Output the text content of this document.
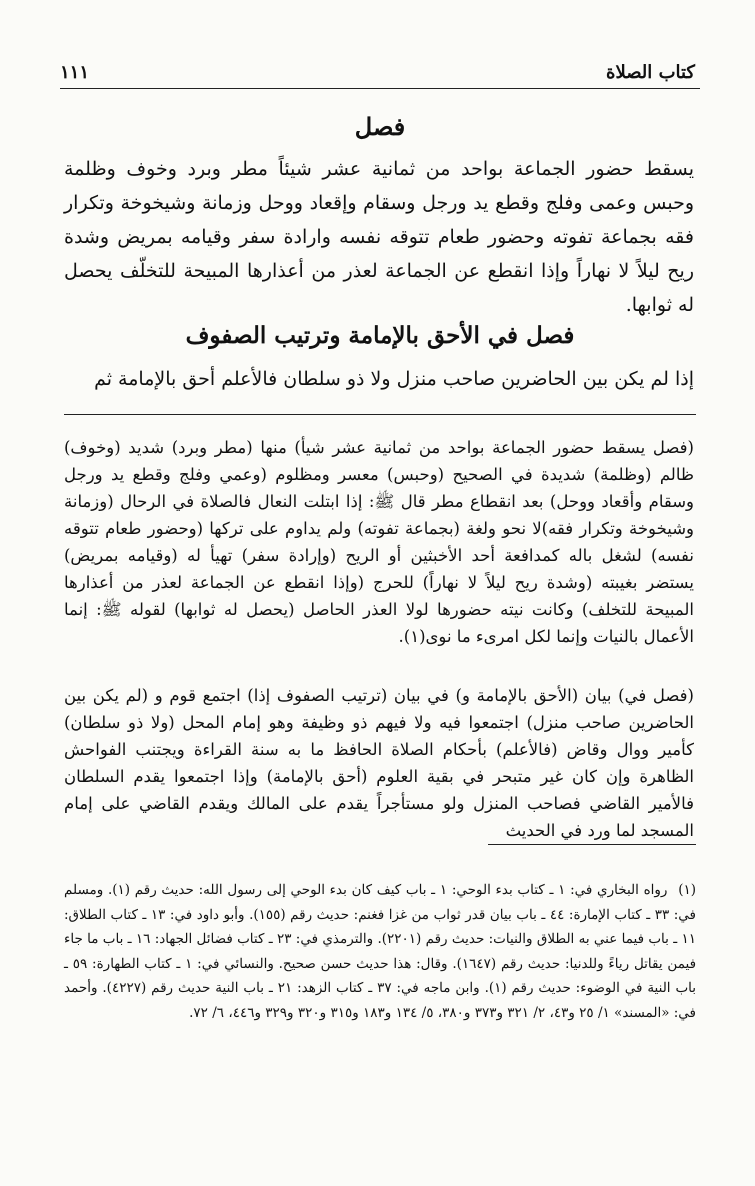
كتاب الصلاة
١١١
فصل
يسقط حضور الجماعة بواحد من ثمانية عشر شيئاً مطر وبرد وخوف وظلمة وحبس وعمى وفلج وقطع يد ورجل وسقام وإقعاد ووحل وزمانة وشيخوخة وتكرار فقه بجماعة تفوته وحضور طعام تتوقه نفسه وارادة سفر وقيامه بمريض وشدة ريح ليلاً لا نهاراً وإذا انقطع عن الجماعة لعذر من أعذارها المبيحة للتخلّف يحصل له ثوابها.
فصل في الأحق بالإمامة وترتيب الصفوف
إذا لم يكن بين الحاضرين صاحب منزل ولا ذو سلطان فالأعلم أحق بالإمامة ثم
(فصل يسقط حضور الجماعة بواحد من ثمانية عشر شيأ) منها (مطر وبرد) شديد (وخوف) ظالم (وظلمة) شديدة في الصحيح (وحبس) معسر ومظلوم (وعمي وفلج وقطع يد ورجل وسقام وأقعاد ووحل) بعد انقطاع مطر قال ﷺ: إذا ابتلت النعال فالصلاة في الرحال (وزمانة وشيخوخة وتكرار فقه)لا نحو ولغة (بجماعة تفوته) ولم يداوم على تركها (وحضور طعام تتوقه نفسه) لشغل باله كمدافعة أحد الأخبثين أو الريح (وإرادة سفر) تهيأ له (وقيامه بمريض) يستضر بغيبته (وشدة ريح ليلاً لا نهاراً) للحرج (وإذا انقطع عن الجماعة لعذر من أعذارها المبيحة للتخلف) وكانت نيته حضورها لولا العذر الحاصل (يحصل له ثوابها) لقوله ﷺ: إنما الأعمال بالنيات وإنما لكل امرىء ما نوى(١).
(فصل في) بيان (الأحق بالإمامة و) في بيان (ترتيب الصفوف إذا) اجتمع قوم و (لم يكن بين الحاضرين صاحب منزل) اجتمعوا فيه ولا فيهم ذو وظيفة وهو إمام المحل (ولا ذو سلطان) كأمير ووال وقاض (فالأعلم) بأحكام الصلاة الحافظ ما به سنة القراءة ويجتنب الفواحش الظاهرة وإن كان غير متبحر في بقية العلوم (أحق بالإمامة) وإذا اجتمعوا يقدم السلطان فالأمير القاضي فصاحب المنزل ولو مستأجراً يقدم على المالك ويقدم القاضي على إمام المسجد لما ورد في الحديث
(١) رواه البخاري في: ١ ـ كتاب بدء الوحي: ١ ـ باب كيف كان بدء الوحي إلى رسول الله: حديث رقم (١). ومسلم في: ٣٣ ـ كتاب الإمارة: ٤٤ ـ باب بيان قدر ثواب من غزا فغنم: حديث رقم (١٥٥). وأبو داود في: ١٣ ـ كتاب الطلاق: ١١ ـ باب فيما عني به الطلاق والنيات: حديث رقم (٢٢٠١). والترمذي في: ٢٣ ـ كتاب فضائل الجهاد: ١٦ ـ باب ما جاء فيمن يقاتل رياءً وللدنيا: حديث رقم (١٦٤٧). وقال: هذا حديث حسن صحيح. والنسائي في: ١ ـ كتاب الطهارة: ٥٩ ـ باب النية في الوضوء: حديث رقم (١). وابن ماجه في: ٣٧ ـ كتاب الزهد: ٢١ ـ باب النية حديث رقم (٤٢٢٧). وأحمد في: «المسند» ١/ ٢٥ و٤٣، ٢/ ٣٢١ و٣٧٣ و٣٨٠، ٥/ ١٣٤ و١٨٣ و٣١٥ و٣٢٠ و٣٢٩ و٤٤٦، ٦/ ٧٢.
